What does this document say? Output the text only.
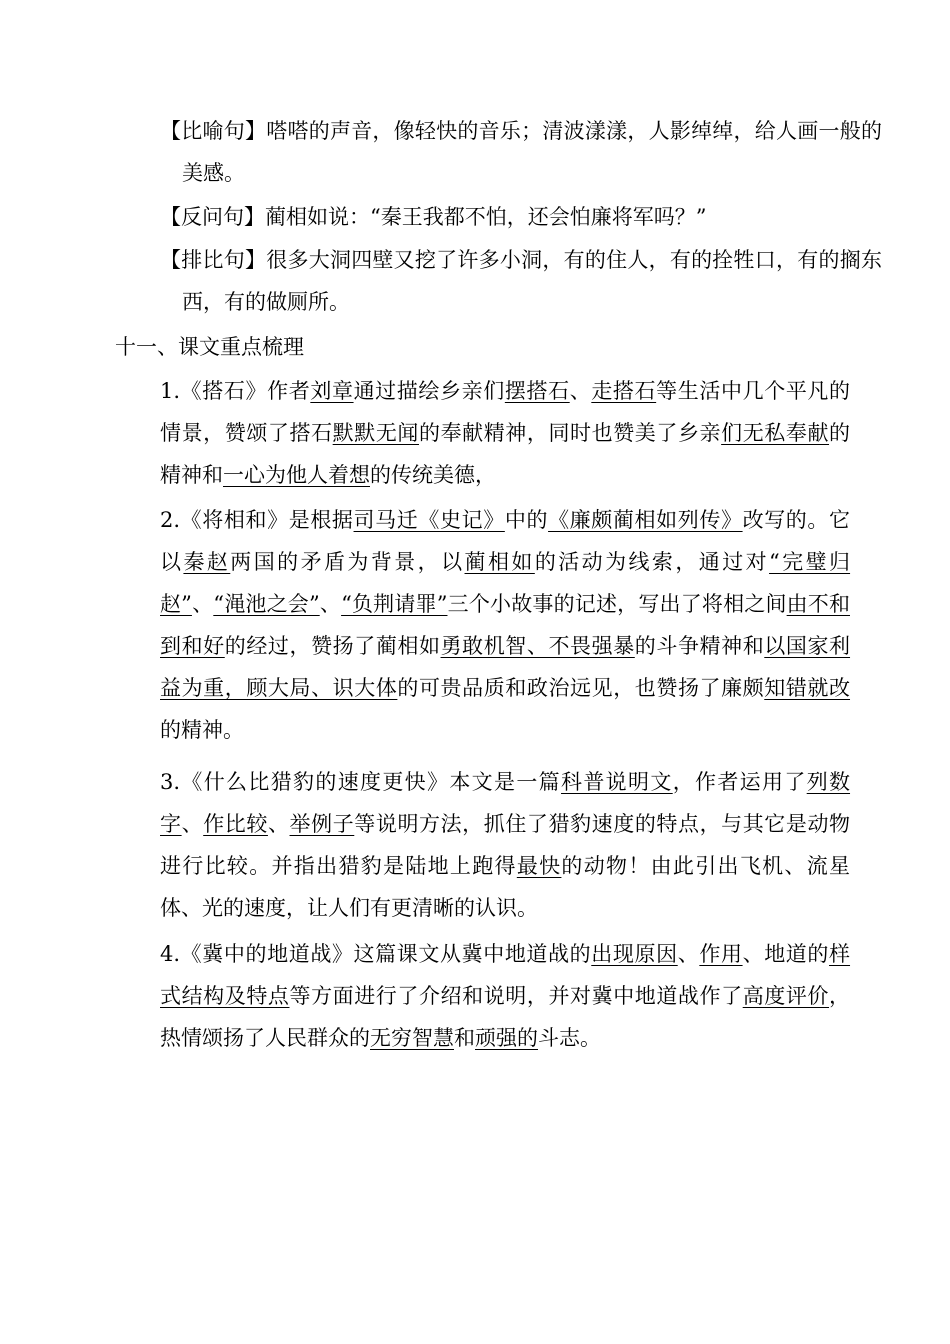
【比喻句】嗒嗒的声音，像轻快的音乐；清波漾漾，人影绰绰，给人画一般的美感。
【反问句】蔺相如说：“秦王我都不怕，还会怕廉将军吗？”
【排比句】很多大洞四壁又挖了许多小洞，有的住人，有的拴牲口，有的搁东西，有的做厕所。
十一、课文重点梳理
1.《搭石》作者刘章通过描绘乡亲们摆搭石、走搭石等生活中几个平凡的情景，赞颂了搭石默默无闻的奉献精神，同时也赞美了乡亲们无私奉献的精神和一心为他人着想的传统美德，
2.《将相和》是根据司马迁《史记》中的《廉颇蔺相如列传》改写的。它以秦赵两国的矛盾为背景，以蔺相如的活动为线索，通过对“完璧归赵”、“渑池之会”、“负荆请罪”三个小故事的记述，写出了将相之间由不和到和好的经过，赞扬了蔺相如勇敢机智、不畏强暴的斗争精神和以国家利益为重，顾大局、识大体的可贵品质和政治远见，也赞扬了廉颇知错就改的精神。
3.《什么比猎豹的速度更快》本文是一篇科普说明文，作者运用了列数字、作比较、举例子等说明方法，抓住了猎豹速度的特点，与其它是动物进行比较。并指出猎豹是陆地上跑得最快的动物！由此引出飞机、流星体、光的速度，让人们有更清晰的认识。
4.《冀中的地道战》这篇课文从冀中地道战的出现原因、作用、地道的样式结构及特点等方面进行了介绍和说明，并对冀中地道战作了高度评价，热情颂扬了人民群众的无穷智慧和顽强的斗志。
